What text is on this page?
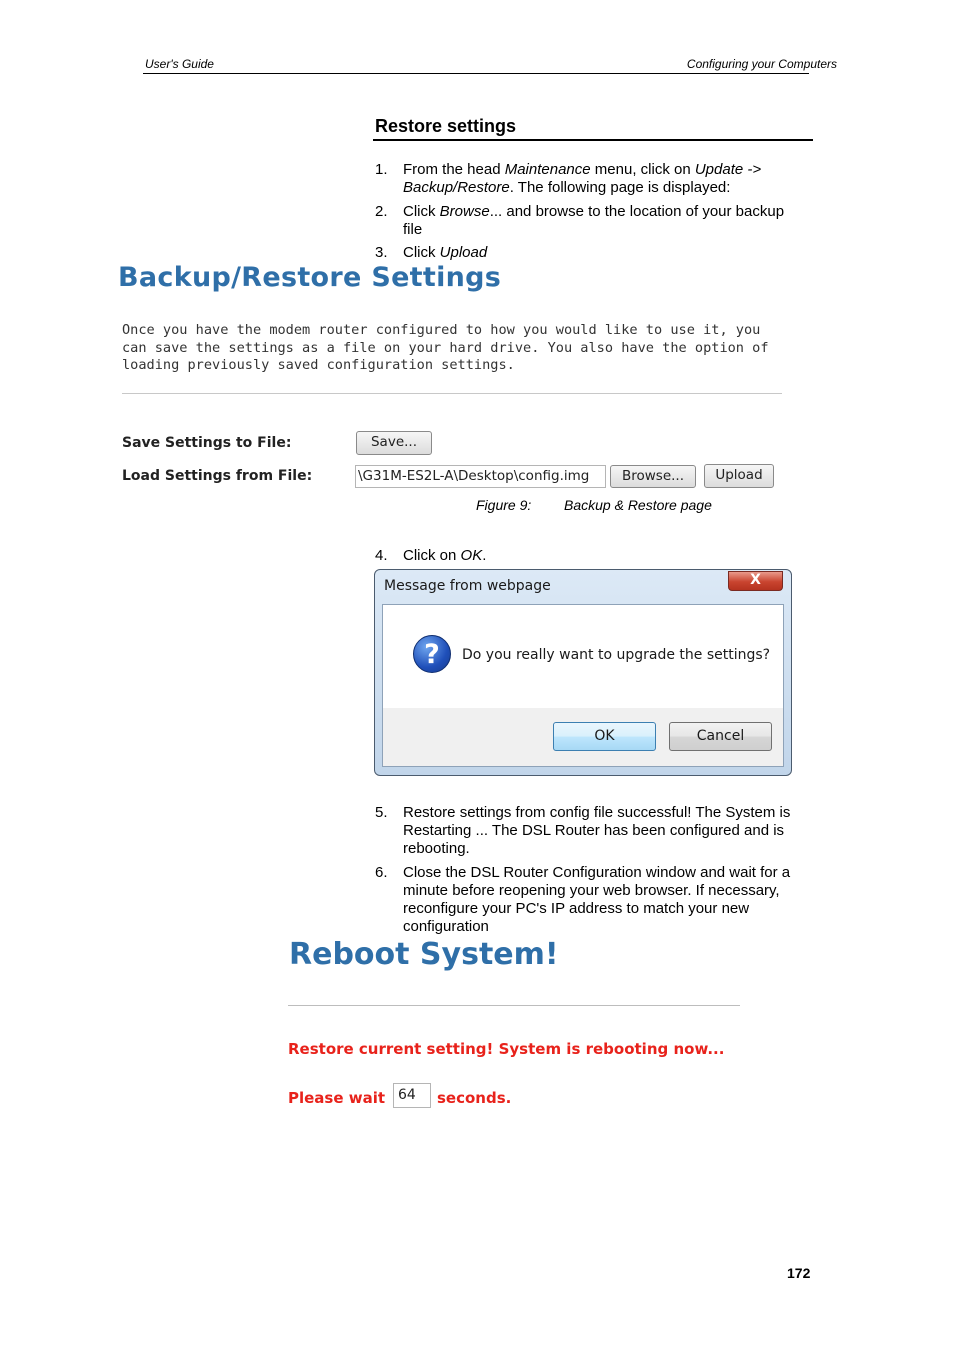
User's Guide	Configuring your Computers
Restore settings
1. From the head Maintenance menu, click on Update -> Backup/Restore. The following page is displayed:
2. Click Browse... and browse to the location of your backup file
3. Click Upload
Backup/Restore Settings
Once you have the modem router configured to how you would like to use it, you can save the settings as a file on your hard drive. You also have the option of loading previously saved configuration settings.
Save Settings to File:	Save...
Load Settings from File:	\G31M-ES2L-A\Desktop\config.img	Browse...	Upload
Figure 9: Backup & Restore page
4. Click on OK.
Message from webpage	X
?	Do you really want to upgrade the settings?
OK	Cancel
5. Restore settings from config file successful! The System is Restarting ... The DSL Router has been configured and is rebooting.
6. Close the DSL Router Configuration window and wait for a minute before reopening your web browser. If necessary, reconfigure your PC's IP address to match your new configuration
Reboot System!
Restore current setting! System is rebooting now...
Please wait 64	seconds.
172
